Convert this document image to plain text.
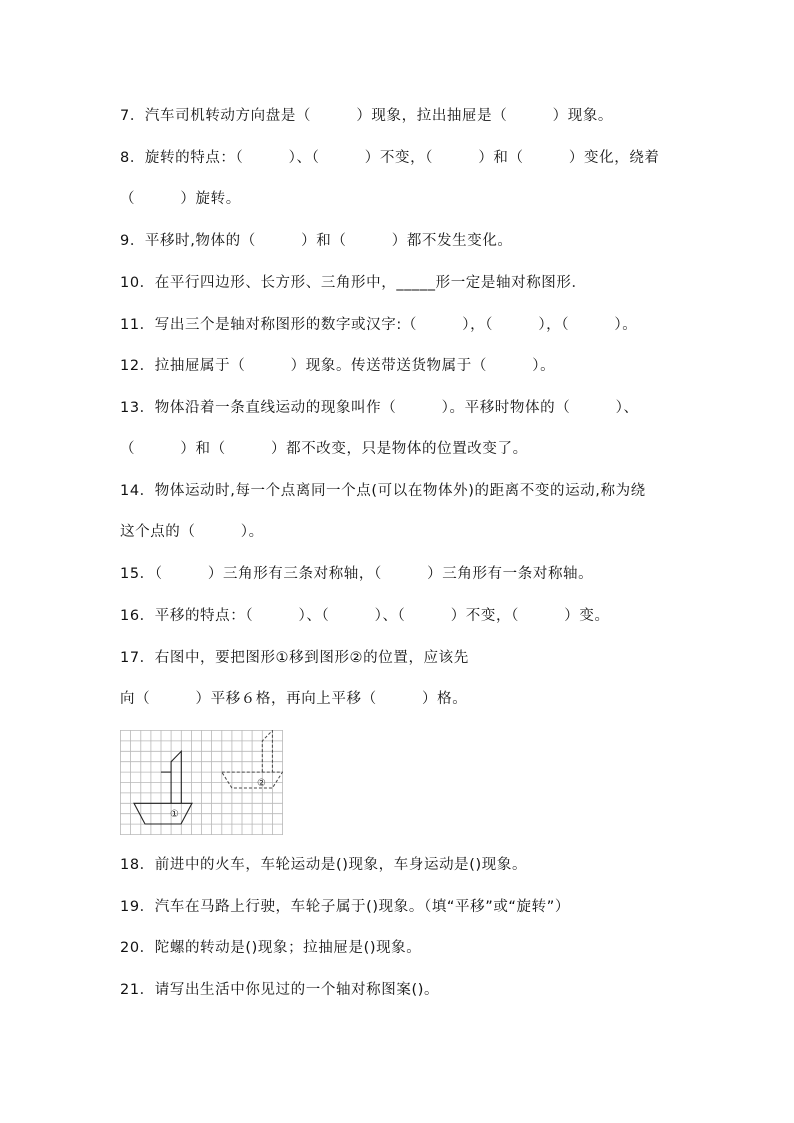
7．汽车司机转动方向盘是（　　　）现象，拉出抽屉是（　　　）现象。
8．旋转的特点：（　　　）、（　　　）不变，（　　　）和（　　　）变化，绕着
（　　　）旋转。
9．平移时,物体的（　　　）和（　　　）都不发生变化。
10．在平行四边形、长方形、三角形中，_____形一定是轴对称图形．
11．写出三个是轴对称图形的数字或汉字:（　　　），（　　　），（　　　）。
12．拉抽屉属于（　　　）现象。传送带送货物属于（　　　）。
13．物体沿着一条直线运动的现象叫作（　　　）。平移时物体的（　　　）、
（　　　）和（　　　）都不改变，只是物体的位置改变了。
14．物体运动时,每一个点离同一个点(可以在物体外)的距离不变的运动,称为绕
这个点的（　　　）。
15．（　　　）三角形有三条对称轴，（　　　）三角形有一条对称轴。
16．平移的特点：（　　　）、（　　　）、（　　　）不变，（　　　）变。
17．右图中，要把图形①移到图形②的位置，应该先
向（　　　）平移６格，再向上平移（　　　）格。
①
②
18．前进中的火车，车轮运动是()现象，车身运动是()现象。
19．汽车在马路上行驶，车轮子属于()现象。（填“平移”或“旋转”）
20．陀螺的转动是()现象；拉抽屉是()现象。
21．请写出生活中你见过的一个轴对称图案()。
